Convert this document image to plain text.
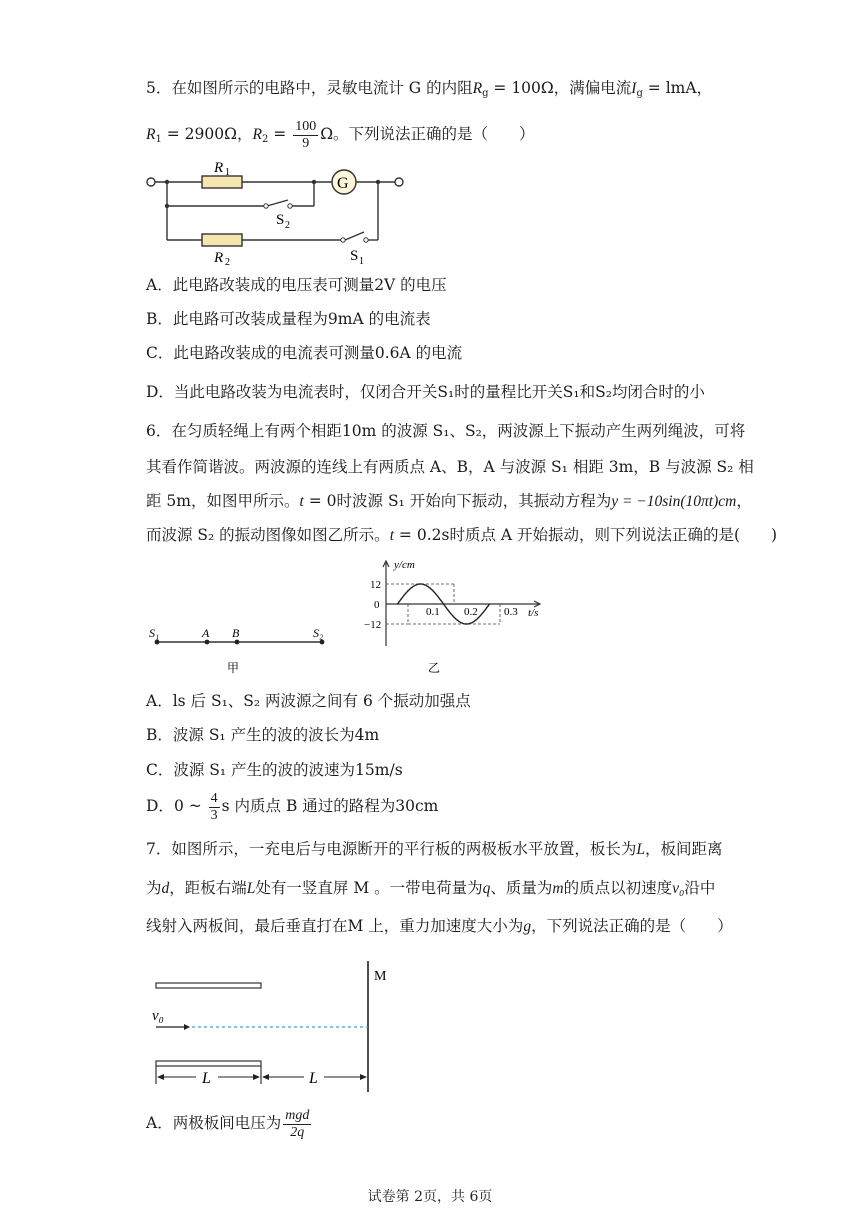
5．在如图所示的电路中，灵敏电流计 G 的内阻$R_g = 100\Omega$，满偏电流$I_g$ = lmA，
$R_1 = 2900\Omega$，$R_2 = \frac{100}{9}$ Ω。下列说法正确的是（　　）
G
R 1
R 2
S 2
S 1
A．此电路改装成的电压表可测量2V 的电压
B．此电路可改装成量程为9mA 的电流表
C．此电路改装成的电流表可测量0.6A 的电流
D．当此电路改装为电流表时，仅闭合开关S₁时的量程比开关S₁和S₂均闭合时的小
6．在匀质轻绳上有两个相距10m 的波源 S₁、S₂，两波源上下振动产生两列绳波，可将
其看作简谐波。两波源的连线上有两质点 A、B，A 与波源 S₁ 相距 3m，B 与波源 S₂ 相
距 5m，如图甲所示。t = 0时波源 S₁ 开始向下振动，其振动方程为y = −10sin(10πt)cm，
而波源 S₂ 的振动图像如图乙所示。t = 0.2s时质点 A 开始振动，则下列说法正确的是(　　)
S₁	A B	S₂
甲
y/cm
t/s
12
0
−12
0.1 0.2 0.3
乙
A．ls 后 S₁、S₂ 两波源之间有 6 个振动加强点
B．波源 S₁ 产生的波的波长为4m
C．波源 S₁ 产生的波的波速为15m/s
D．0 ~ $\frac{4}{3}$ s 内质点 B 通过的路程为30cm
7．如图所示，一充电后与电源断开的平行板的两极板水平放置，板长为L，板间距离
为d，距板右端L处有一竖直屏 M 。一带电荷量为q、质量为m的质点以初速度v₀沿中
线射入两板间，最后垂直打在M 上，重力加速度大小为g，下列说法正确的是（　　）
M
v₀
L	L
A．两极板间电压为 $\frac{\text{mgd}}{2q}$
试卷第 2页，共 6页
